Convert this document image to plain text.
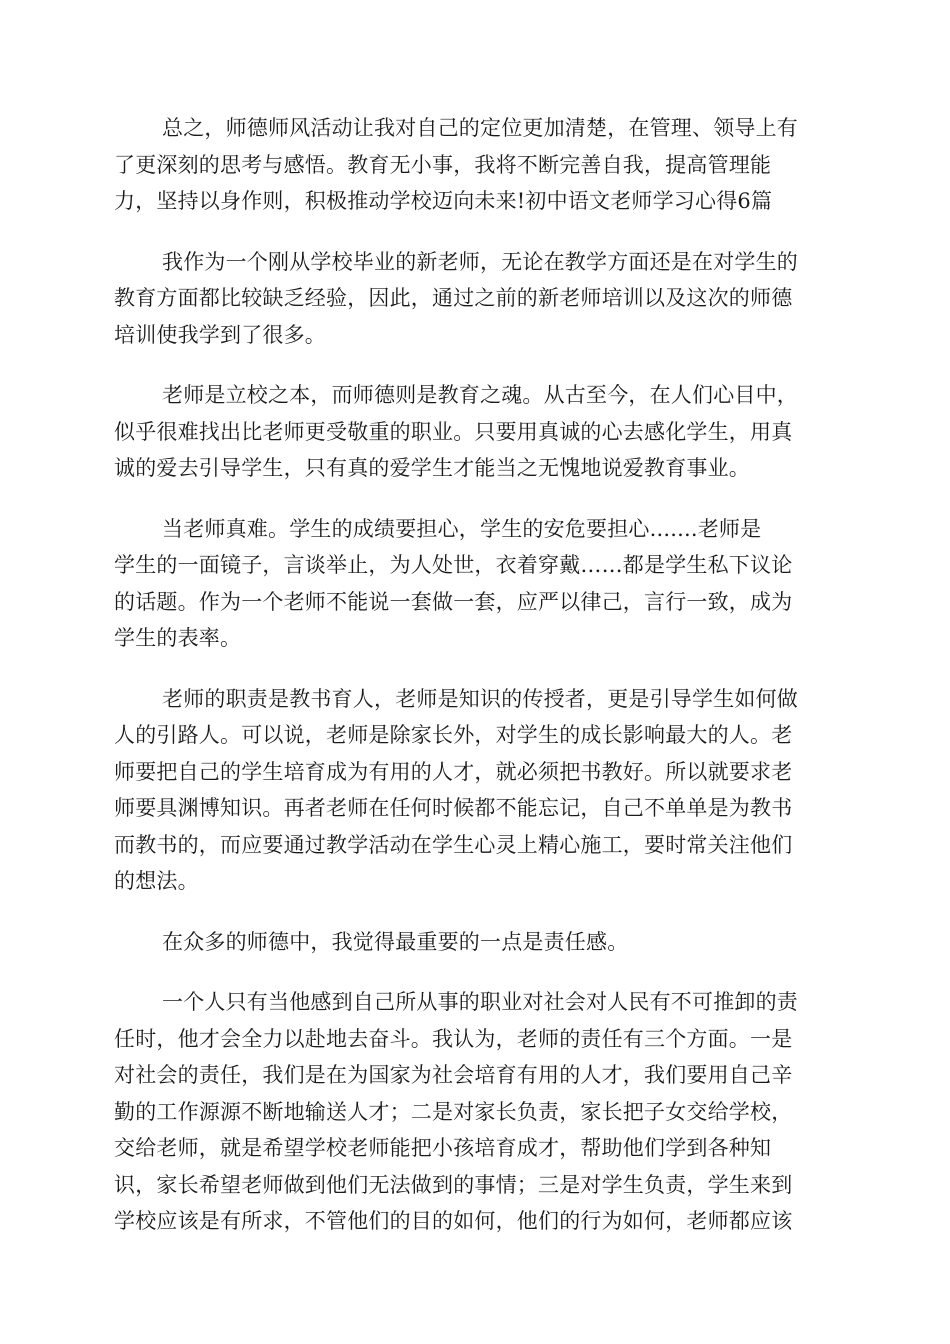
总之，师德师风活动让我对自己的定位更加清楚，在管理、领导上有
了更深刻的思考与感悟。教育无小事，我将不断完善自我，提高管理能
力，坚持以身作则，积极推动学校迈向未来!初中语文老师学习心得6篇

我作为一个刚从学校毕业的新老师，无论在教学方面还是在对学生的
教育方面都比较缺乏经验，因此，通过之前的新老师培训以及这次的师德
培训使我学到了很多。

老师是立校之本，而师德则是教育之魂。从古至今，在人们心目中，
似乎很难找出比老师更受敬重的职业。只要用真诚的心去感化学生，用真
诚的爱去引导学生，只有真的爱学生才能当之无愧地说爱教育事业。

当老师真难。学生的成绩要担心，学生的安危要担心.......老师是
学生的一面镜子，言谈举止，为人处世，衣着穿戴……都是学生私下议论
的话题。作为一个老师不能说一套做一套，应严以律己，言行一致，成为
学生的表率。

老师的职责是教书育人，老师是知识的传授者，更是引导学生如何做
人的引路人。可以说，老师是除家长外，对学生的成长影响最大的人。老
师要把自己的学生培育成为有用的人才，就必须把书教好。所以就要求老
师要具渊博知识。再者老师在任何时候都不能忘记，自己不单单是为教书
而教书的，而应要通过教学活动在学生心灵上精心施工，要时常关注他们
的想法。

在众多的师德中，我觉得最重要的一点是责任感。

一个人只有当他感到自己所从事的职业对社会对人民有不可推卸的责
任时，他才会全力以赴地去奋斗。我认为，老师的责任有三个方面。一是
对社会的责任，我们是在为国家为社会培育有用的人才，我们要用自己辛
勤的工作源源不断地输送人才；二是对家长负责，家长把子女交给学校，
交给老师，就是希望学校老师能把小孩培育成才，帮助他们学到各种知
识，家长希望老师做到他们无法做到的事情；三是对学生负责，学生来到
学校应该是有所求，不管他们的目的如何，他们的行为如何，老师都应该
